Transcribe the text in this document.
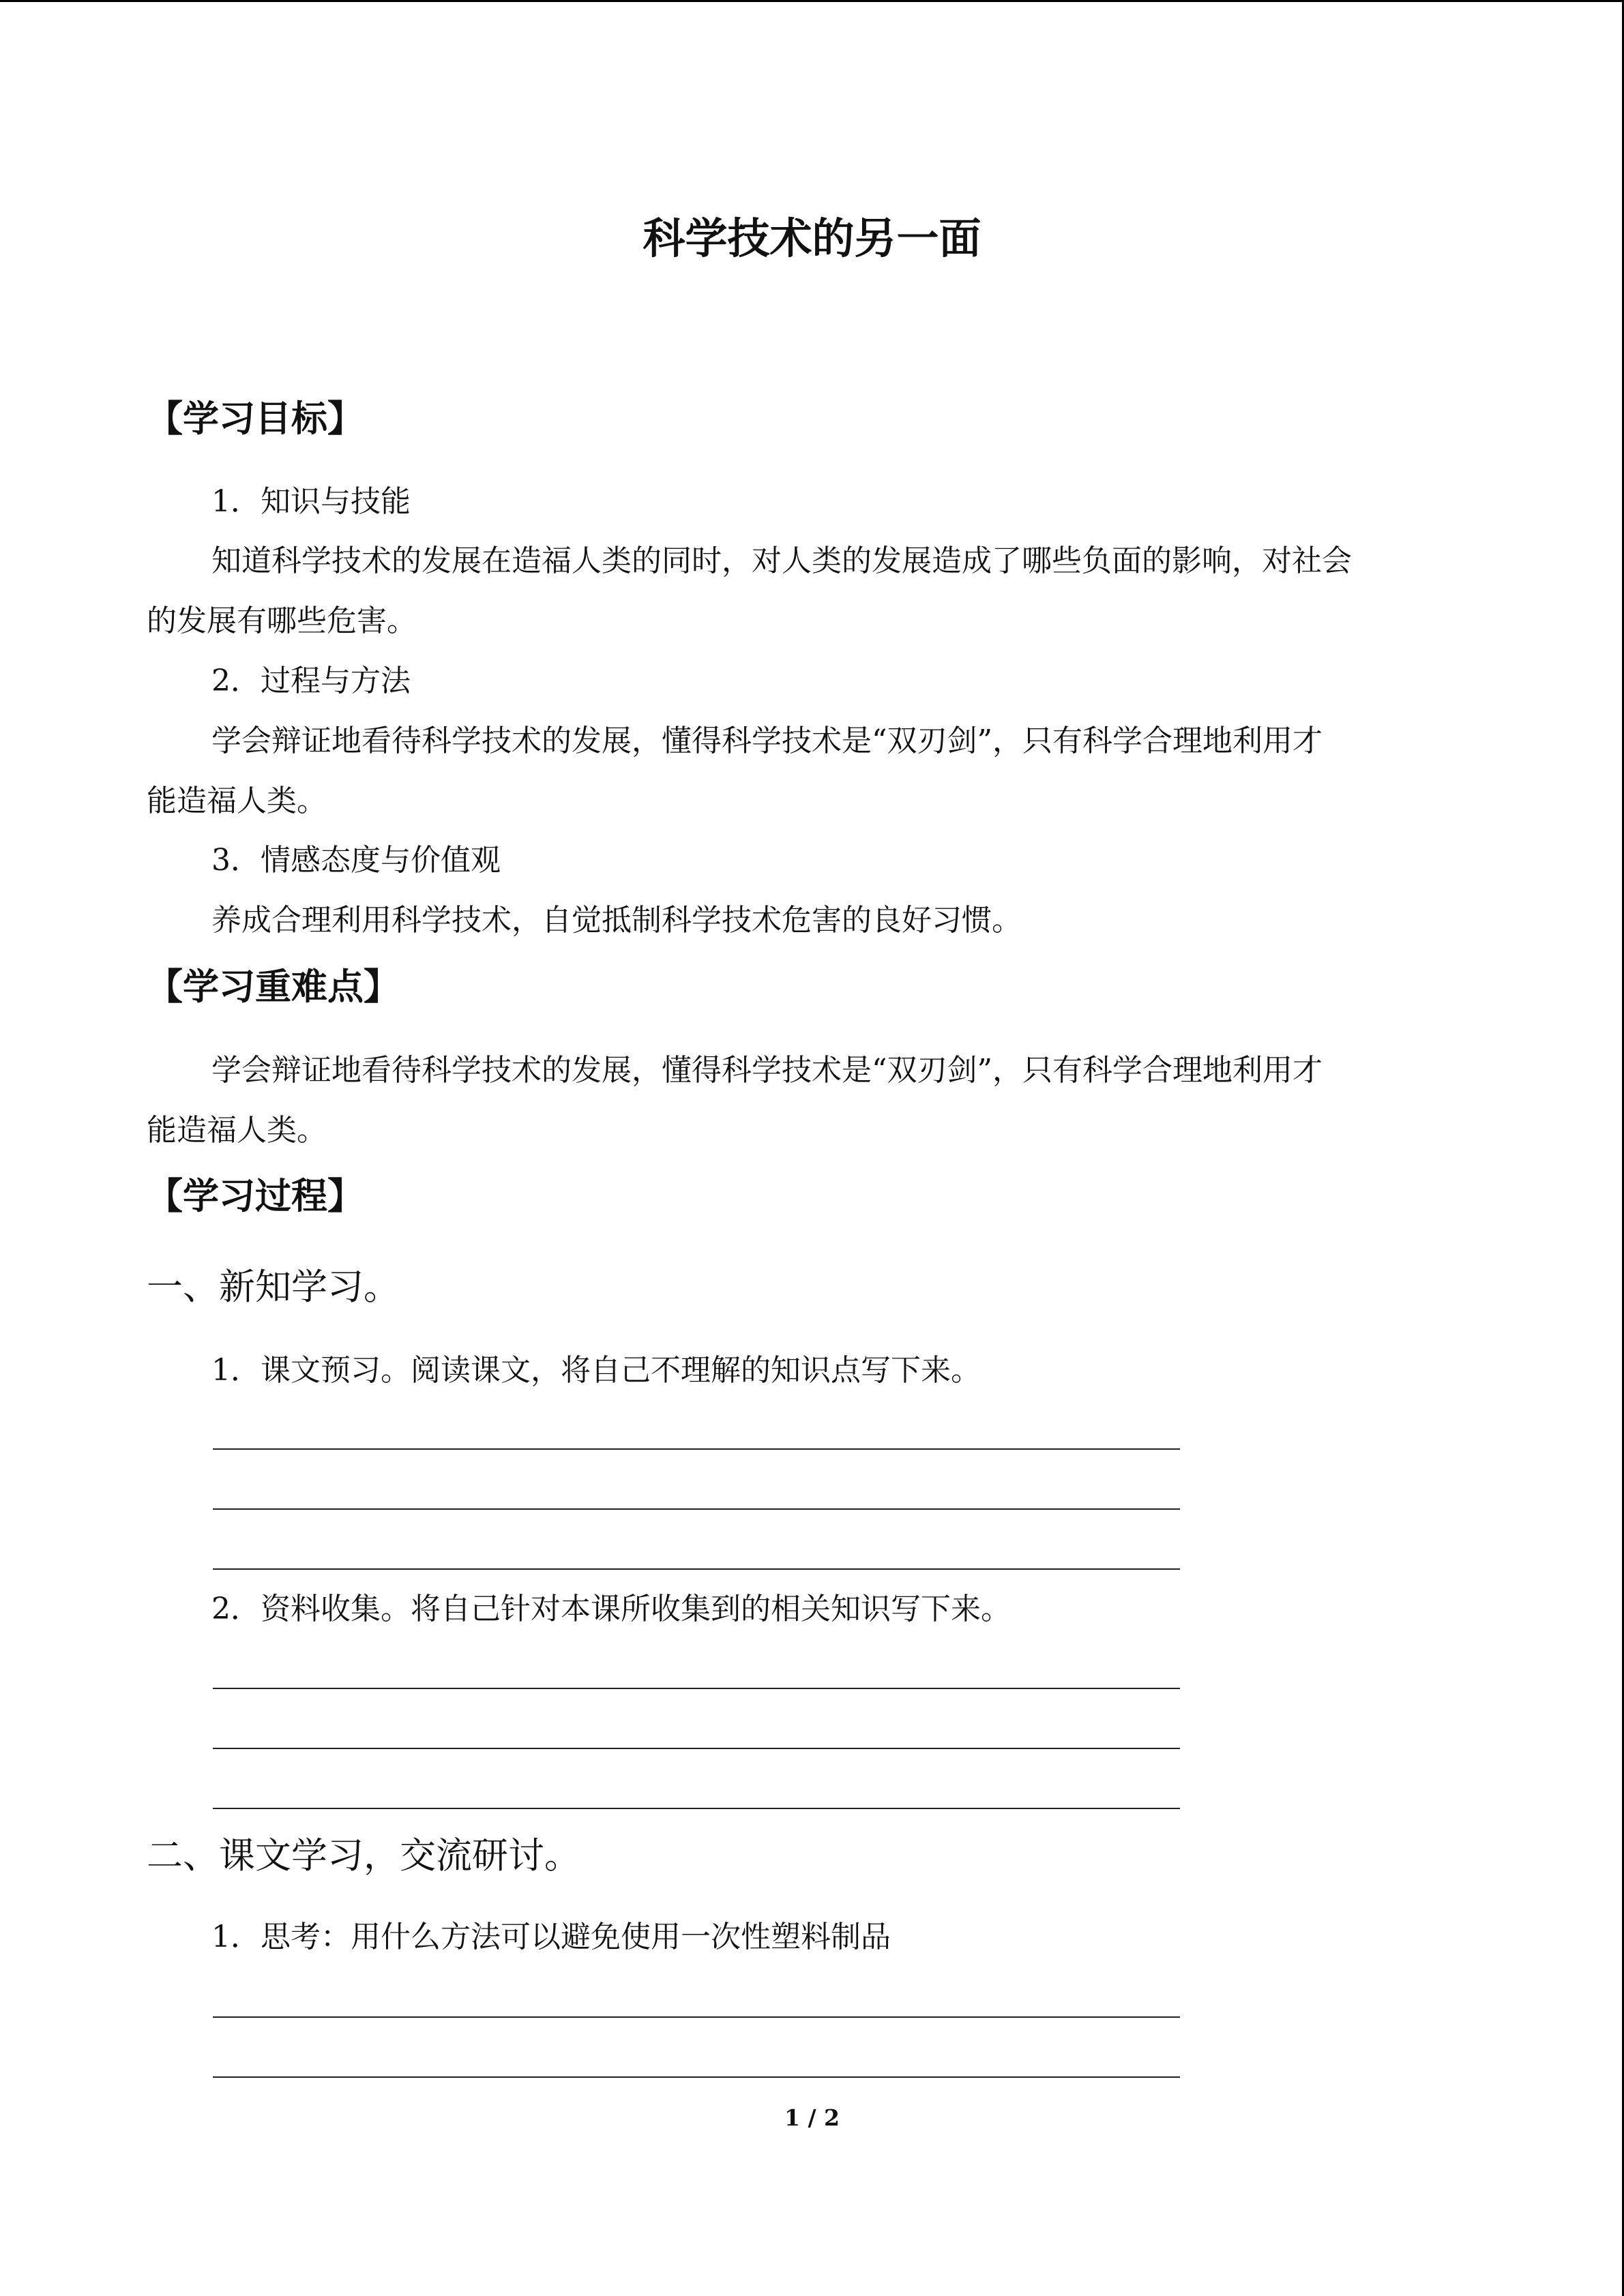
科学技术的另一面
【学习目标】
1．知识与技能
知道科学技术的发展在造福人类的同时，对人类的发展造成了哪些负面的影响，对社会
的发展有哪些危害。
2．过程与方法
学会辩证地看待科学技术的发展，懂得科学技术是“双刃剑”，只有科学合理地利用才
能造福人类。
3．情感态度与价值观
养成合理利用科学技术，自觉抵制科学技术危害的良好习惯。
【学习重难点】
学会辩证地看待科学技术的发展，懂得科学技术是“双刃剑”，只有科学合理地利用才
能造福人类。
【学习过程】
一、新知学习。
1．课文预习。阅读课文，将自己不理解的知识点写下来。
2．资料收集。将自己针对本课所收集到的相关知识写下来。
二、课文学习，交流研讨。
1．思考：用什么方法可以避免使用一次性塑料制品
1 / 2
